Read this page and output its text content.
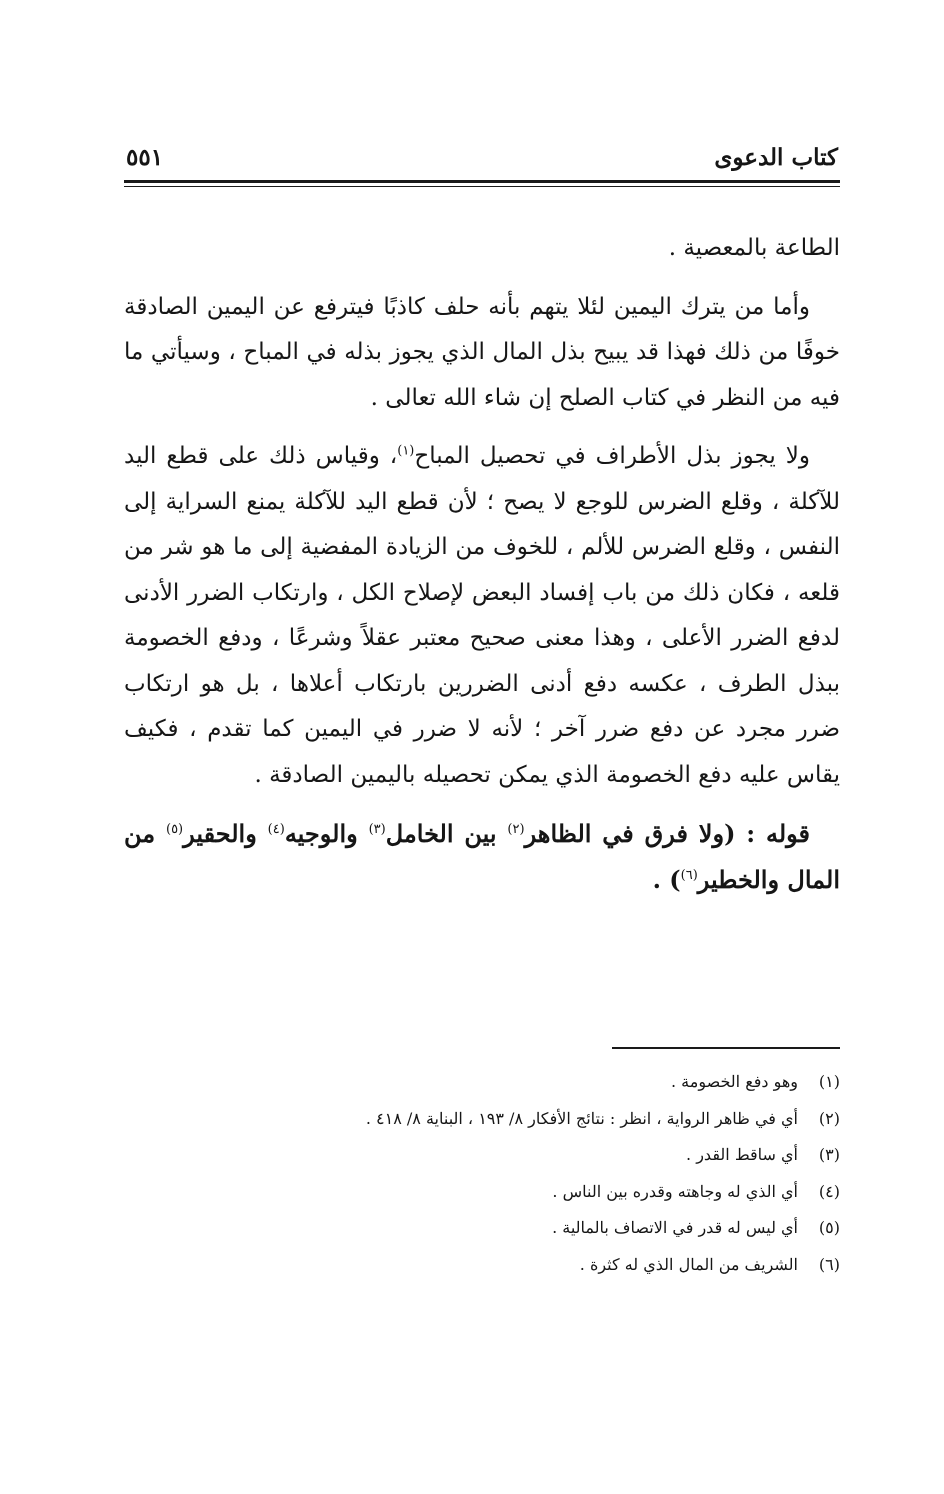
كتاب الدعوى
٥٥١

الطاعة بالمعصية .

وأما من يترك اليمين لئلا يتهم بأنه حلف كاذبًا فيترفع عن اليمين الصادقة خوفًا من ذلك فهذا قد يبيح بذل المال الذي يجوز بذله في المباح ، وسيأتي ما فيه من النظر في كتاب الصلح إن شاء الله تعالى .

ولا يجوز بذل الأطراف في تحصيل المباح$^{(١)}$، وقياس ذلك على قطع اليد للآكلة ، وقلع الضرس للوجع لا يصح ؛ لأن قطع اليد للآكلة يمنع السراية إلى النفس ، وقلع الضرس للألم ، للخوف من الزيادة المفضية إلى ما هو شر من قلعه ، فكان ذلك من باب إفساد البعض لإصلاح الكل ، وارتكاب الضرر الأدنى لدفع الضرر الأعلى ، وهذا معنى صحيح معتبر عقلاً وشرعًا ، ودفع الخصومة ببذل الطرف ، عكسه دفع أدنى الضررين بارتكاب أعلاها ، بل هو ارتكاب ضرر مجرد عن دفع ضرر آخر ؛ لأنه لا ضرر في اليمين كما تقدم ، فكيف يقاس عليه دفع الخصومة الذي يمكن تحصيله باليمين الصادقة .

قوله : (ولا فرق في الظاهر$^{(٢)}$ بين الخامل$^{(٣)}$ والوجيه$^{(٤)}$ والحقير$^{(٥)}$ من المال والخطير$^{(٦)}$) .

(١)وهو دفع الخصومة .
(٢)أي في ظاهر الرواية ، انظر : نتائج الأفكار ٨/ ١٩٣ ، البناية ٨/ ٤١٨ .
(٣)أي ساقط القدر .
(٤)أي الذي له وجاهته وقدره بين الناس .
(٥)أي ليس له قدر في الاتصاف بالمالية .
(٦)الشريف من المال الذي له كثرة .
